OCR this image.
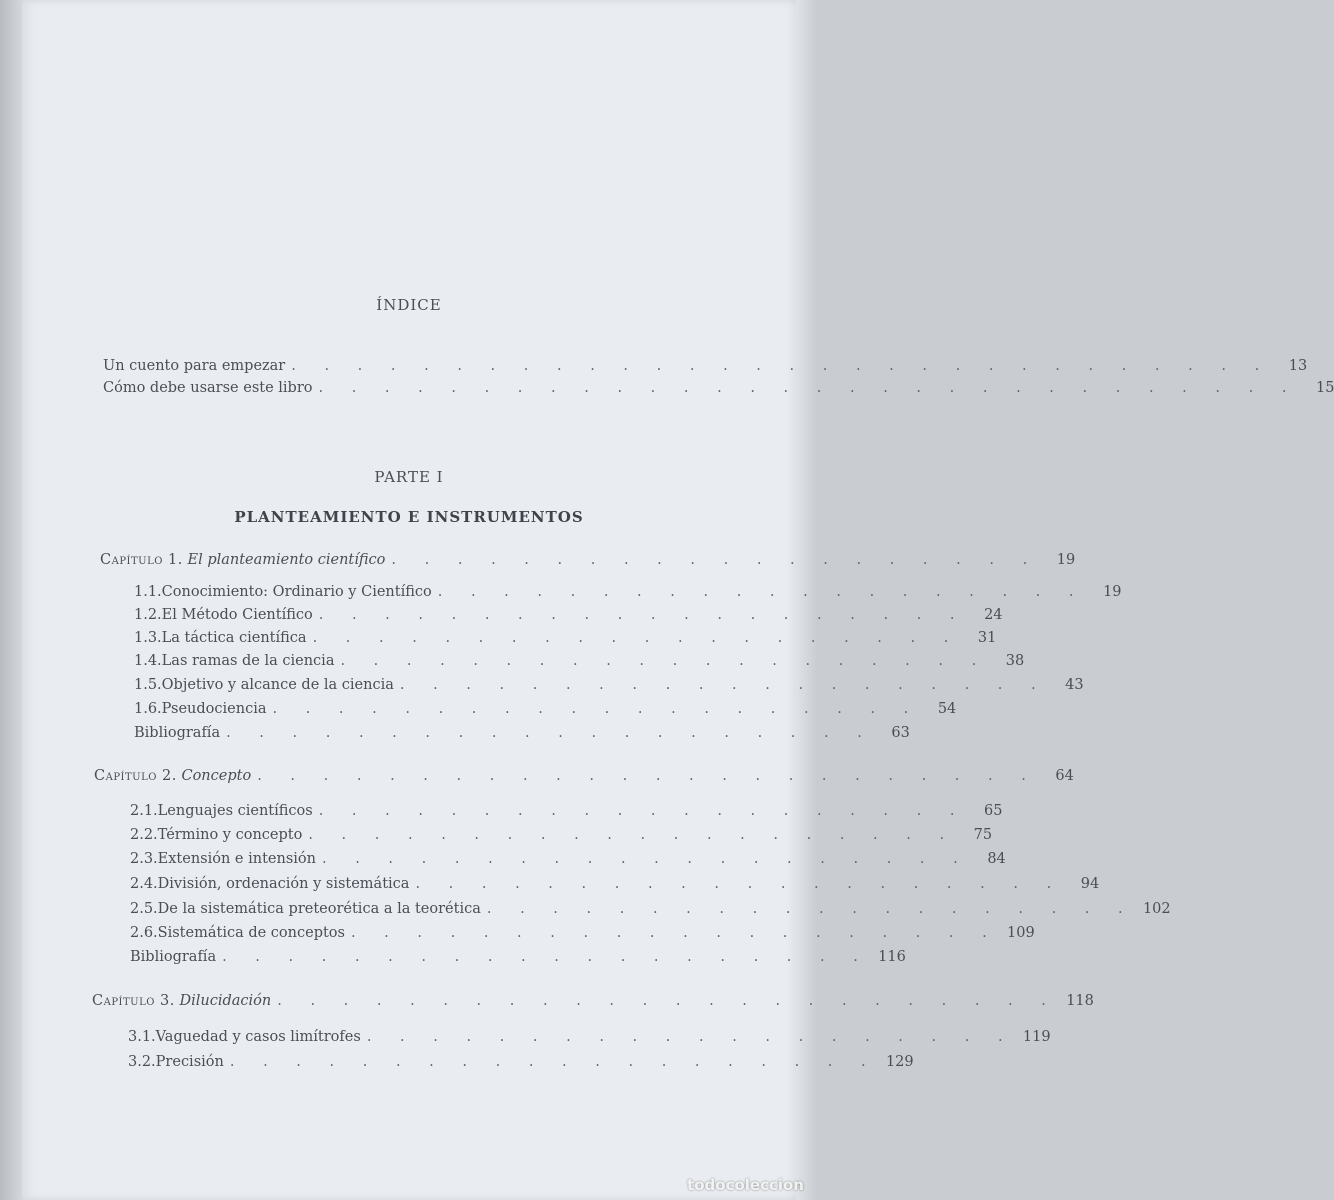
ÍNDICE
Un cuento para empezar . . . . . . . . . . . . . . . . . . . . . . . . . . . . . .	13
Cómo debe usarse este libro . . . . . . . . . . . . . . . . . . . . . . . . . . . . . .	15
PARTE I
PLANTEAMIENTO E INSTRUMENTOS
Capítulo 1. El planteamiento científico . . . . . . . . . . . . . . . . . . . .	19
1.1. Conocimiento: Ordinario y Científico . . . . . . . . . . . . . . . . . . . .	19
1.2. El Método Científico . . . . . . . . . . . . . . . . . . . .	24
1.3. La táctica científica . . . . . . . . . . . . . . . . . . . .	31
1.4. Las ramas de la ciencia . . . . . . . . . . . . . . . . . . . .	38
1.5. Objetivo y alcance de la ciencia . . . . . . . . . . . . . . . . . . . .	43
1.6. Pseudociencia . . . . . . . . . . . . . . . . . . . .	54
Bibliografía . . . . . . . . . . . . . . . . . . . .	63
Capítulo 2. Concepto . . . . . . . . . . . . . . . . . . . . . . . .	64
2.1. Lenguajes científicos . . . . . . . . . . . . . . . . . . . .	65
2.2. Término y concepto . . . . . . . . . . . . . . . . . . . .	75
2.3. Extensión e intensión . . . . . . . . . . . . . . . . . . . .	84
2.4. División, ordenación y sistemática . . . . . . . . . . . . . . . . . . . .	94
2.5. De la sistemática preteorética a la teorética . . . . . . . . . . . . . . . . . . . . 102
2.6. Sistemática de conceptos . . . . . . . . . . . . . . . . . . . . 109
Bibliografía . . . . . . . . . . . . . . . . . . . . 116
Capítulo 3. Dilucidación . . . . . . . . . . . . . . . . . . . . . . . . 118
3.1. Vaguedad y casos limítrofes . . . . . . . . . . . . . . . . . . . . 119
3.2. Precisión . . . . . . . . . . . . . . . . . . . . 129
todocoleccion
